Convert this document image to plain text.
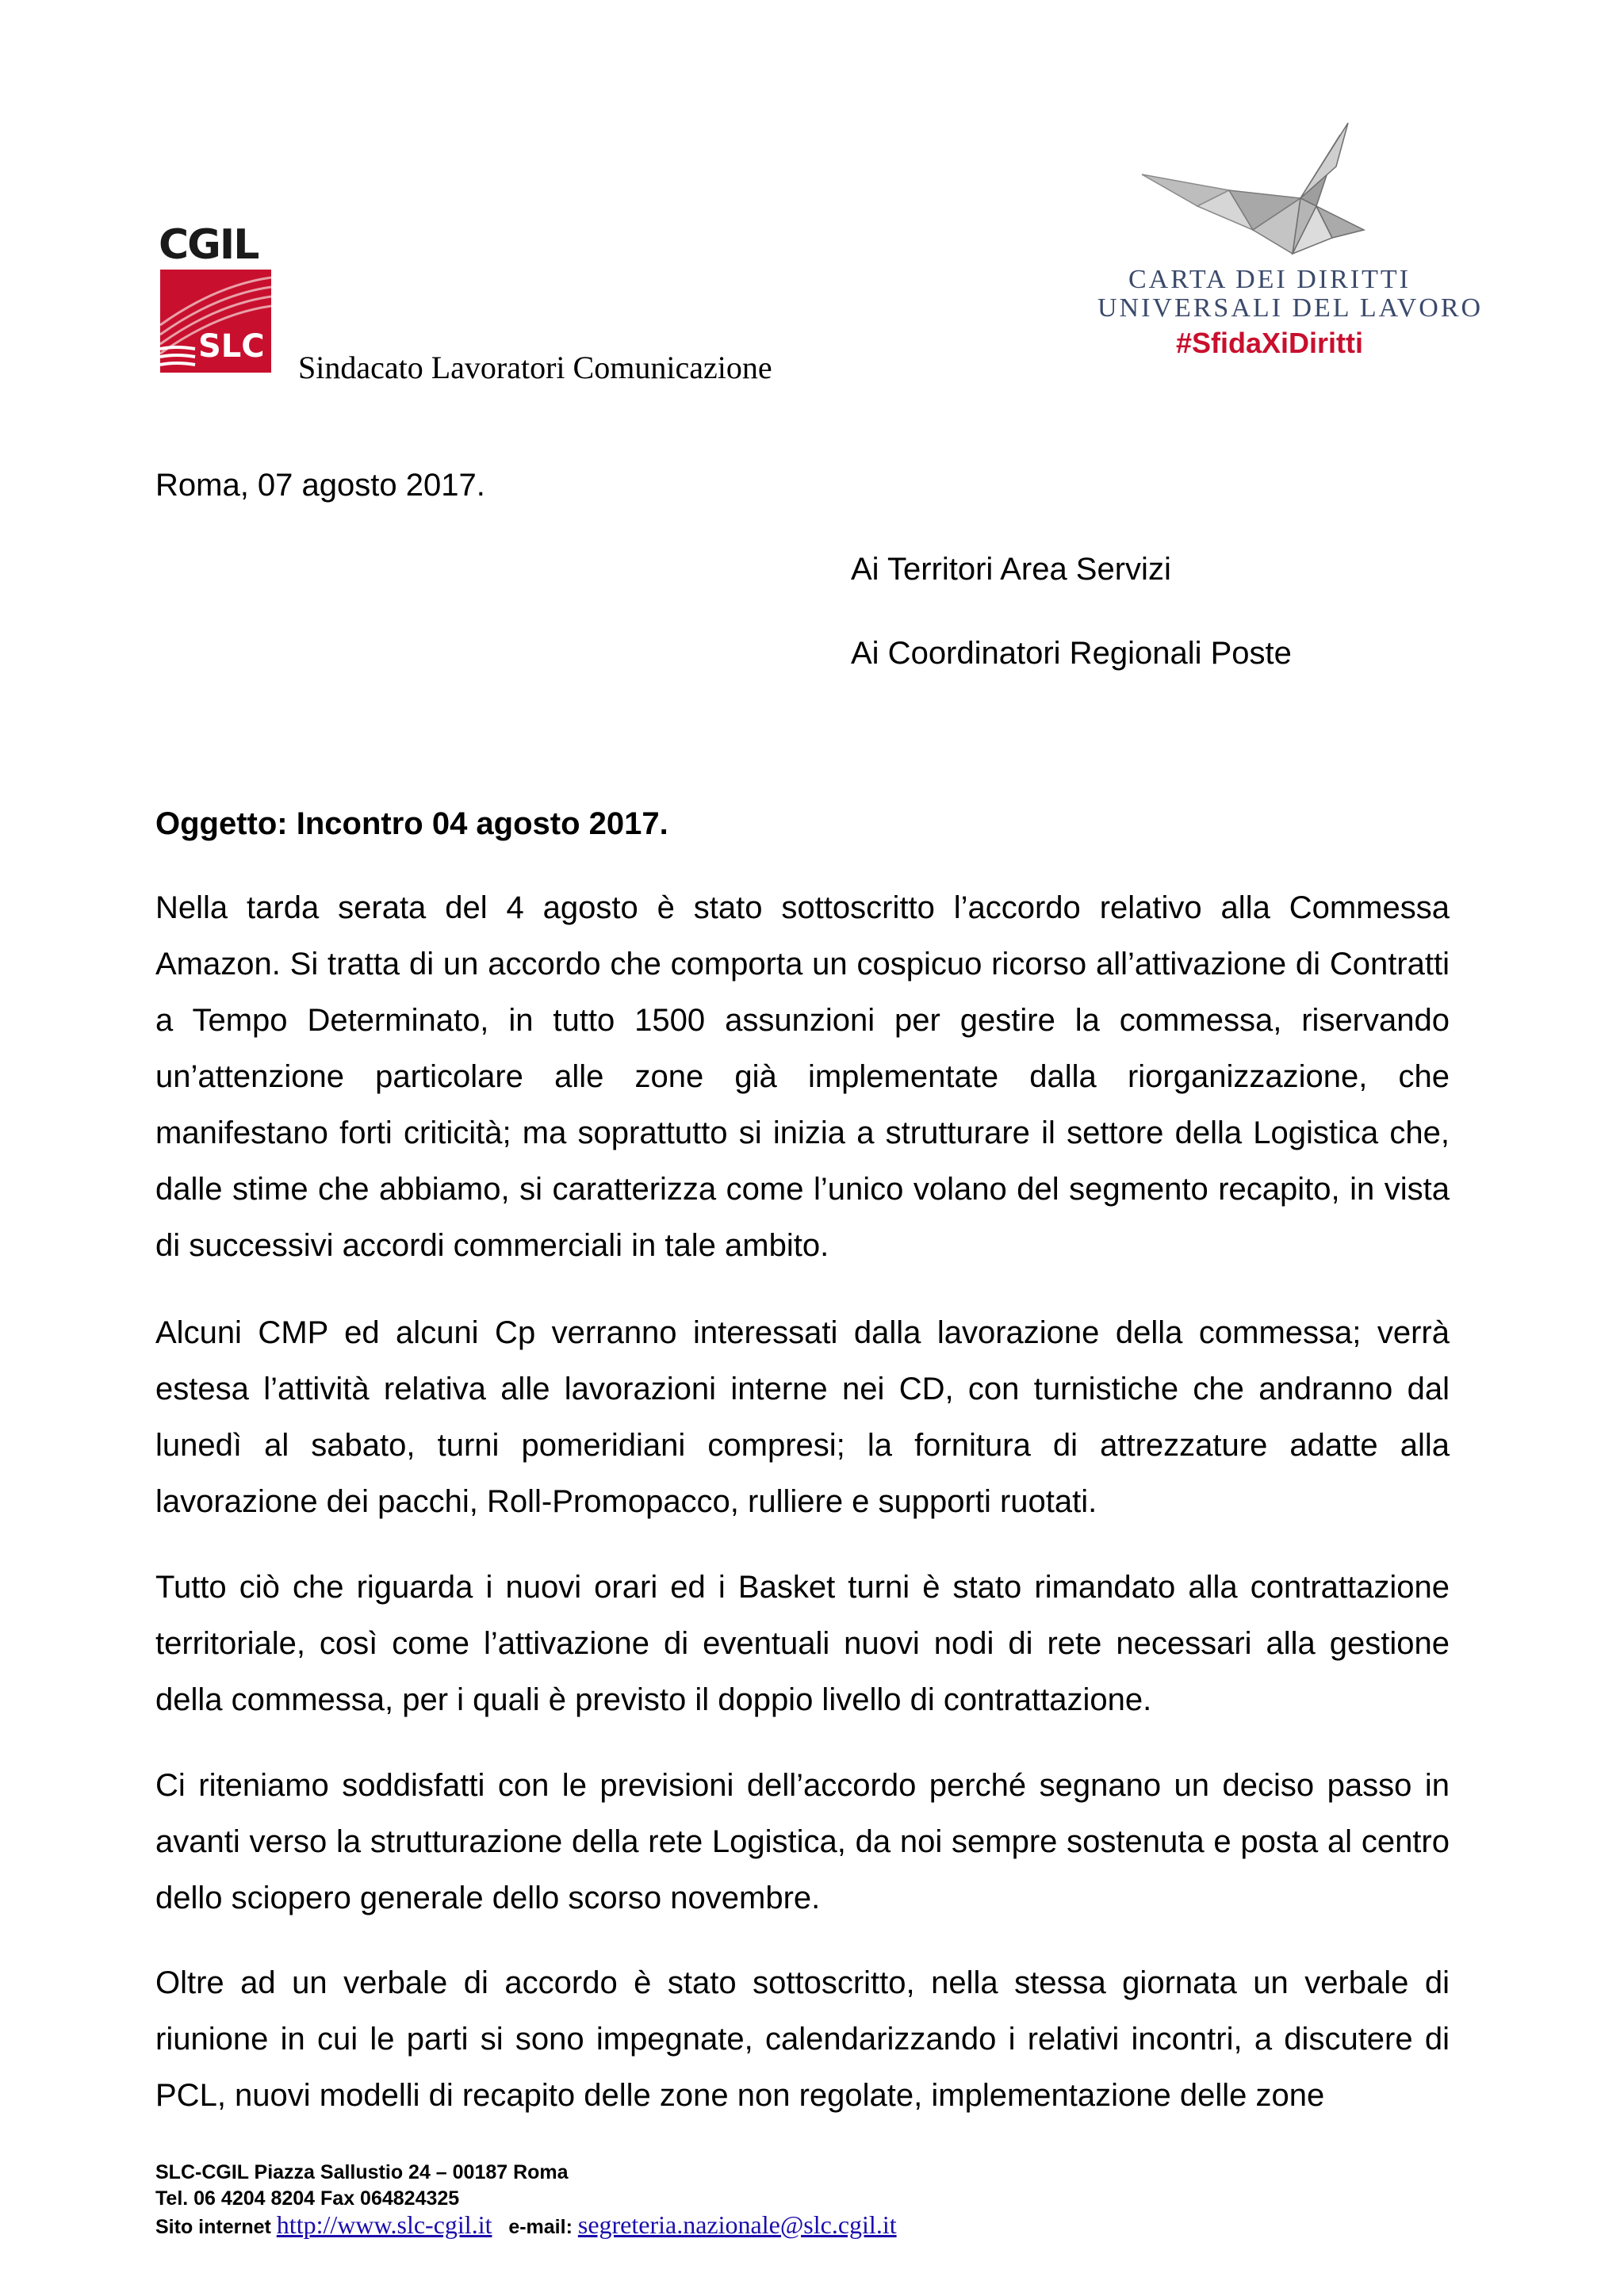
CGIL
SLC
Sindacato Lavoratori Comunicazione
CARTA DEI DIRITTI
UNIVERSALI DEL LAVORO
#SfidaXiDiritti
Roma, 07 agosto 2017.
Ai Territori Area Servizi
Ai Coordinatori Regionali Poste
Oggetto: Incontro 04 agosto 2017.

Nella tarda serata del 4 agosto è stato sottoscritto l’accordo relativo alla Commessa Amazon. Si tratta di un accordo che comporta un cospicuo ricorso all’attivazione di Contratti a Tempo Determinato, in tutto 1500 assunzioni per gestire la commessa, riservando un’attenzione particolare alle zone già implementate dalla riorganizzazione, che manifestano forti criticità; ma soprattutto si inizia a strutturare il settore della Logistica che, dalle stime che abbiamo, si caratterizza come l’unico volano del segmento recapito, in vista di successivi accordi commerciali in tale ambito.

Alcuni CMP ed alcuni Cp verranno interessati dalla lavorazione della commessa; verrà estesa l’attività relativa alle lavorazioni interne nei CD, con turnistiche che andranno dal lunedì al sabato, turni pomeridiani compresi; la fornitura di attrezzature adatte alla lavorazione dei pacchi, Roll-Promopacco, rulliere e supporti ruotati.

Tutto ciò che riguarda i nuovi orari ed i Basket turni è stato rimandato alla contrattazione territoriale, così come l’attivazione di eventuali nuovi nodi di rete necessari alla gestione della commessa, per i quali è previsto il doppio livello di contrattazione.

Ci riteniamo soddisfatti con le previsioni dell’accordo perché segnano un deciso passo in avanti verso la strutturazione della rete Logistica, da noi sempre sostenuta e posta al centro dello sciopero generale dello scorso novembre.

Oltre ad un verbale di accordo è stato sottoscritto, nella stessa giornata un verbale di riunione in cui le parti si sono impegnate, calendarizzando i relativi incontri, a discutere di PCL, nuovi modelli di recapito delle zone non regolate, implementazione delle zone

SLC-CGIL Piazza Sallustio 24 – 00187 Roma
Tel. 06 4204 8204 Fax 064824325
Sito internet http://www.slc-cgil.it e-mail: segreteria.nazionale@slc.cgil.it
